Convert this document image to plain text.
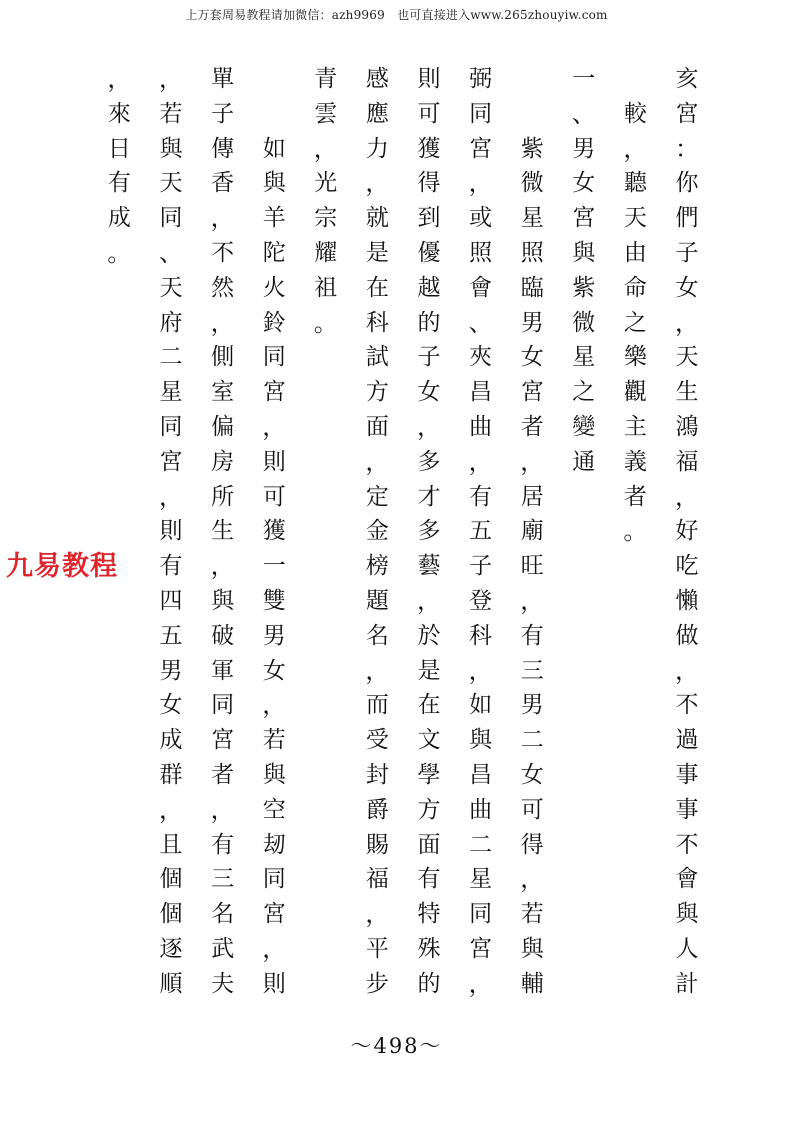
上万套周易教程请加微信：azh9969　也可直接进入www.265zhouyiw.com
亥
宮
：
你
們
子
女
，
天
生
鴻
福
，
好
吃
懶
做
，
不
過
事
事
不
會
與
人
計
較
，
聽
天
由
命
之
樂
觀
主
義
者
。
一
、
男
女
宮
與
紫
微
星
之
變
通
紫
微
星
照
臨
男
女
宮
者
，
居
廟
旺
，
有
三
男
二
女
可
得
，
若
與
輔
弼
同
宮
，
或
照
會
、
夾
昌
曲
，
有
五
子
登
科
，
如
與
昌
曲
二
星
同
宮
，
則
可
獲
得
到
優
越
的
子
女
，
多
才
多
藝
，
於
是
在
文
學
方
面
有
特
殊
的
感
應
力
，
就
是
在
科
試
方
面
，
定
金
榜
題
名
，
而
受
封
爵
賜
福
，
平
步
青
雲
，
光
宗
耀
祖
。
如
與
羊
陀
火
鈴
同
宮
，
則
可
獲
一
雙
男
女
，
若
與
空
刼
同
宮
，
則
單
子
傳
香
，
不
然
，
側
室
偏
房
所
生
，
與
破
軍
同
宮
者
，
有
三
名
武
夫
，
若
與
天
同
、
天
府
二
星
同
宮
，
則
有
四
五
男
女
成
群
，
且
個
個
逐
順
，
來
日
有
成
。
九易教程
～498～
